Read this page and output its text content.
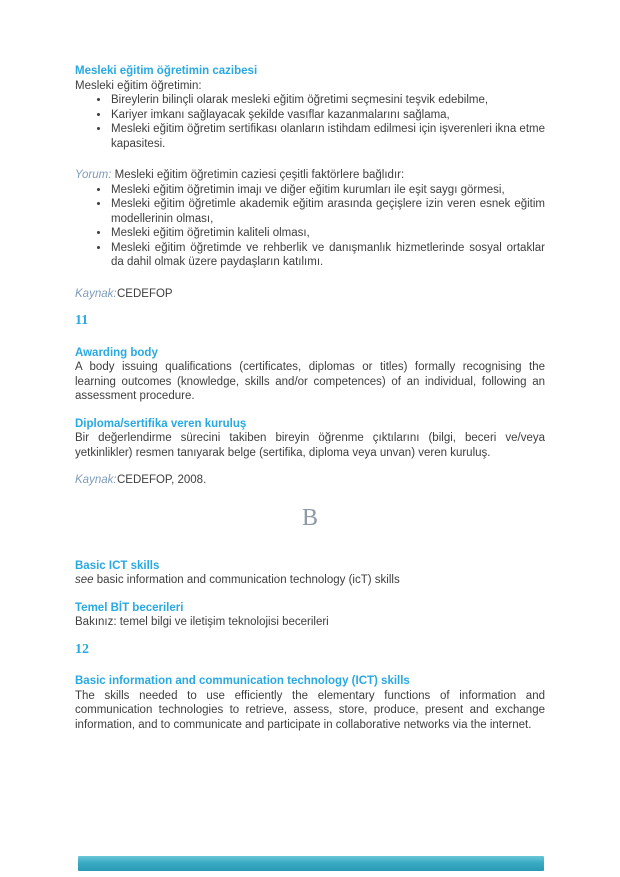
Mesleki eğitim öğretimin cazibesi

Mesleki eğitim öğretimin:

• Bireylerin bilinçli olarak mesleki eğitim öğretimi seçmesini teşvik edebilme,
• Kariyer imkanı sağlayacak şekilde vasıflar kazanmalarını sağlama,
• Mesleki eğitim öğretim sertifikası olanların istihdam edilmesi için işverenleri ikna etme kapasitesi.

Yorum: Mesleki eğitim öğretimin caziesi çeşitli faktörlere bağlıdır:

• Mesleki eğitim öğretimin imajı ve diğer eğitim kurumları ile eşit saygı görmesi,
• Mesleki eğitim öğretimle akademik eğitim arasında geçişlere izin veren esnek eğitim modellerinin olması,
• Mesleki eğitim öğretimin kaliteli olması,
• Mesleki eğitim öğretimde ve rehberlik ve danışmanlık hizmetlerinde sosyal ortaklar da dahil olmak üzere paydaşların katılımı.

Kaynak:CEDEFOP

11

Awarding body

A body issuing qualifications (certificates, diplomas or titles) formally recognising the learning outcomes (knowledge, skills and/or competences) of an individual, following an assessment procedure.

Diploma/sertifika veren kuruluş

Bir değerlendirme sürecini takiben bireyin öğrenme çıktılarını (bilgi, beceri ve/veya yetkinlikler) resmen tanıyarak belge (sertifika, diploma veya unvan) veren kuruluş.

Kaynak:CEDEFOP, 2008.

B

Basic ICT skills

see basic information and communication technology (icT) skills

Temel BİT becerileri

Bakınız: temel bilgi ve iletişim teknolojisi becerileri

12

Basic information and communication technology (ICT) skills

The skills needed to use efficiently the elementary functions of information and communication technologies to retrieve, assess, store, produce, present and exchange information, and to communicate and participate in collaborative networks via the internet.
